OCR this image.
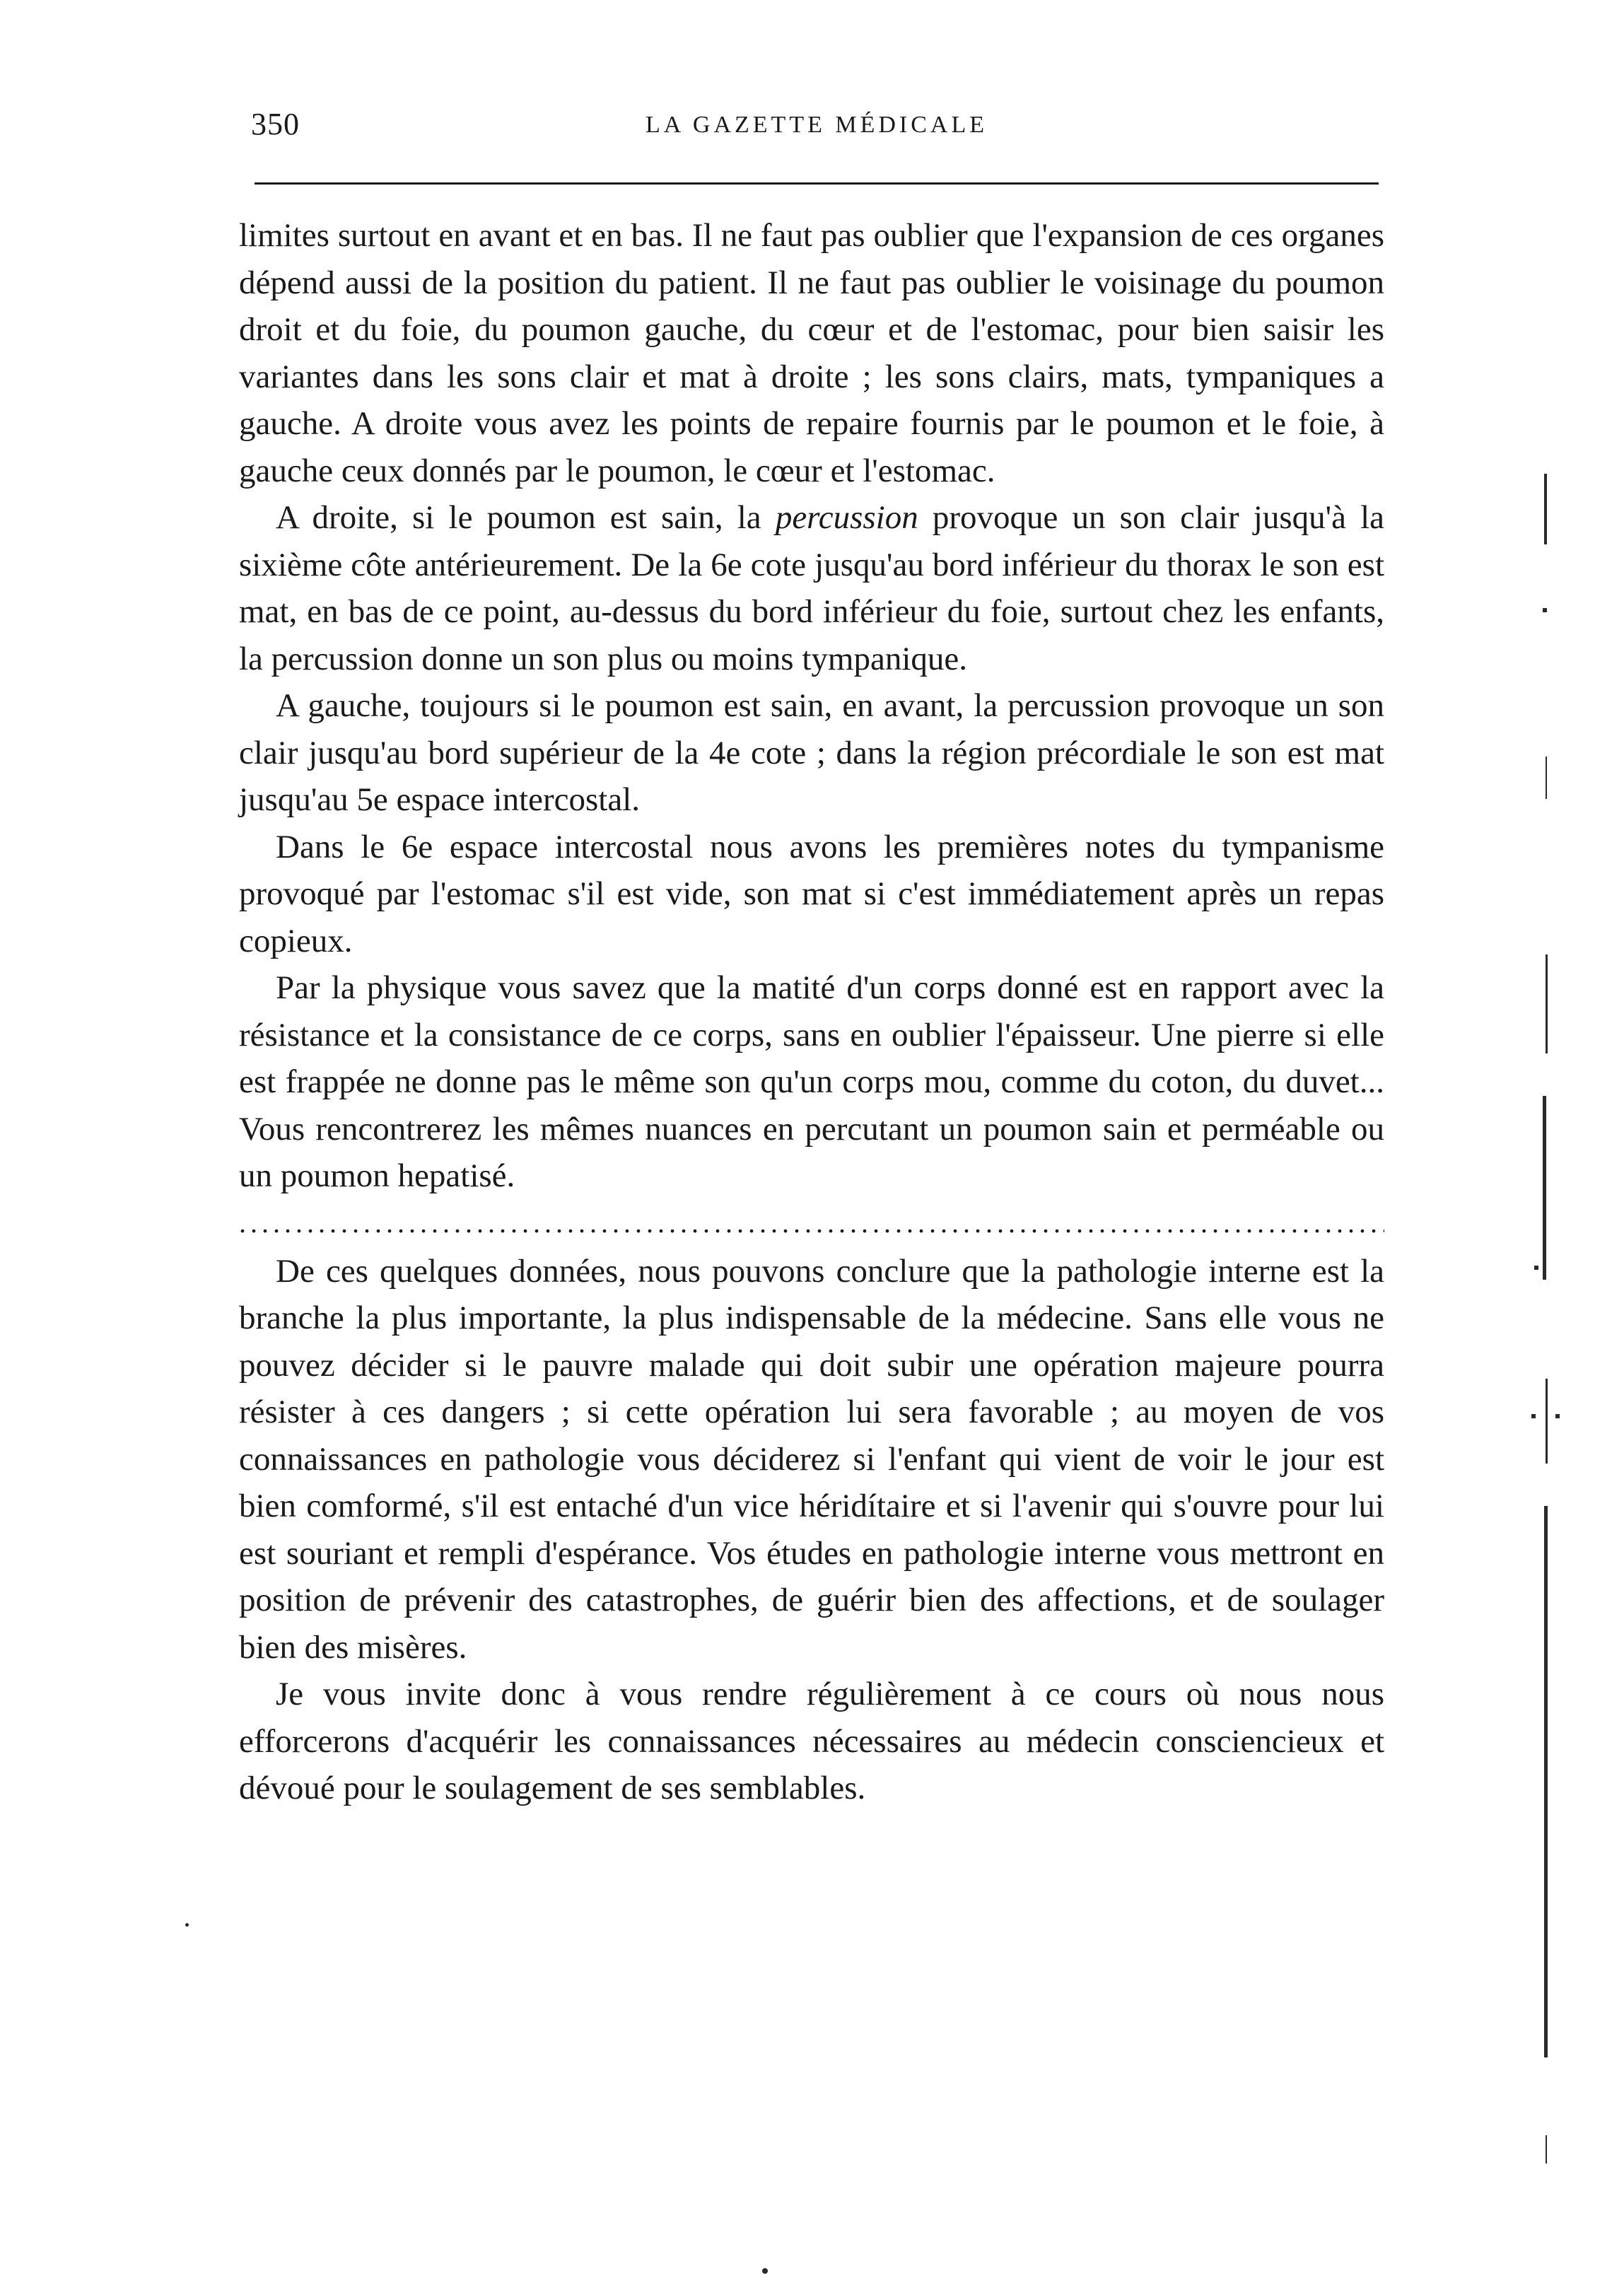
350	LA GAZETTE MÉDICALE

limites surtout en avant et en bas. Il ne faut pas oublier que l'expansion de ces organes dépend aussi de la position du patient. Il ne faut pas oublier le voisinage du poumon droit et du foie, du poumon gauche, du cœur et de l'estomac, pour bien saisir les variantes dans les sons clair et mat à droite ; les sons clairs, mats, tympaniques a gauche. A droite vous avez les points de repaire fournis par le poumon et le foie, à gauche ceux donnés par le poumon, le cœur et l'estomac.

A droite, si le poumon est sain, la percussion provoque un son clair jusqu'à la sixième côte antérieurement. De la 6e cote jusqu'au bord inférieur du thorax le son est mat, en bas de ce point, au-dessus du bord inférieur du foie, surtout chez les enfants, la percussion donne un son plus ou moins tympanique.

A gauche, toujours si le poumon est sain, en avant, la percussion provoque un son clair jusqu'au bord supérieur de la 4e cote ; dans la région précordiale le son est mat jusqu'au 5e espace intercostal.

Dans le 6e espace intercostal nous avons les premières notes du tympanisme provoqué par l'estomac s'il est vide, son mat si c'est immédiatement après un repas copieux.

Par la physique vous savez que la matité d'un corps donné est en rapport avec la résistance et la consistance de ce corps, sans en oublier l'épaisseur. Une pierre si elle est frappée ne donne pas le même son qu'un corps mou, comme du coton, du duvet... Vous rencontrerez les mêmes nuances en percutant un poumon sain et perméable ou un poumon hepatisé.

.....

De ces quelques données, nous pouvons conclure que la pathologie interne est la branche la plus importante, la plus indispensable de la médecine. Sans elle vous ne pouvez décider si le pauvre malade qui doit subir une opération majeure pourra résister à ces dangers ; si cette opération lui sera favorable ; au moyen de vos connaissances en pathologie vous déciderez si l'enfant qui vient de voir le jour est bien comformé, s'il est entaché d'un vice héridítaire et si l'avenir qui s'ouvre pour lui est souriant et rempli d'espérance. Vos études en pathologie interne vous mettront en position de prévenir des catastrophes, de guérir bien des affections, et de soulager bien des misères.

Je vous invite donc à vous rendre régulièrement à ce cours où nous nous efforcerons d'acquérir les connaissances nécessaires au médecin consciencieux et dévoué pour le soulagement de ses semblables.
